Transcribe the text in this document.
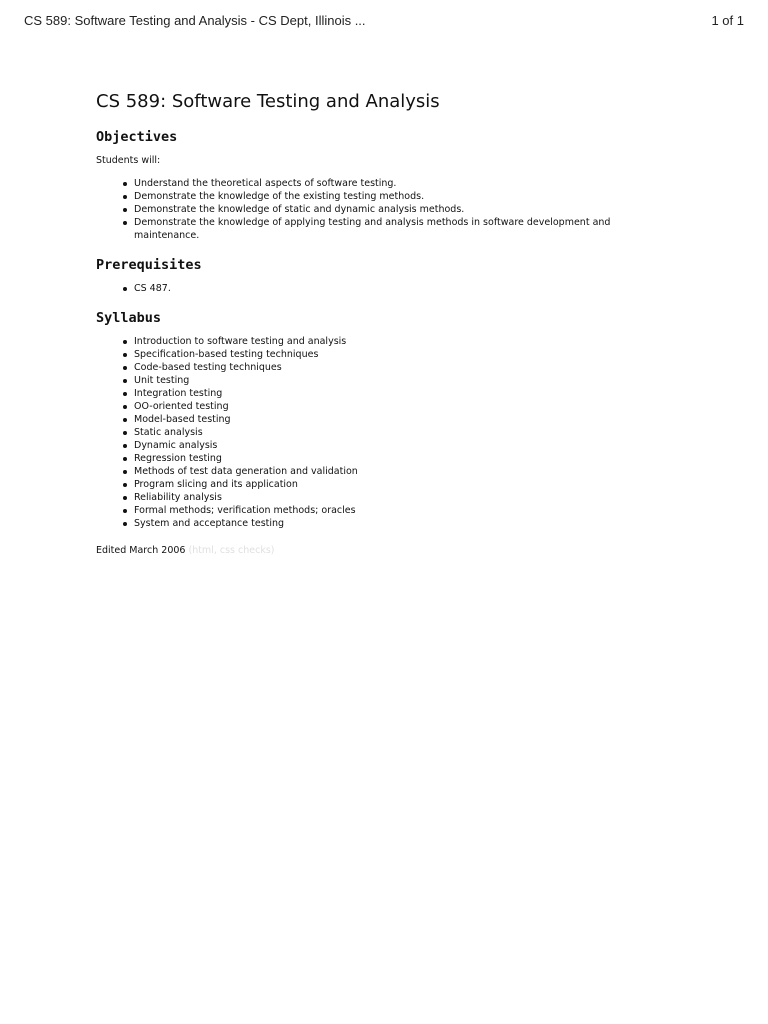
CS 589: Software Testing and Analysis - CS Dept, Illinois ...	1 of 1
CS 589: Software Testing and Analysis
Objectives

Students will:

Understand the theoretical aspects of software testing.
Demonstrate the knowledge of the existing testing methods.
Demonstrate the knowledge of static and dynamic analysis methods.
Demonstrate the knowledge of applying testing and analysis methods in software development and maintenance.
Prerequisites
CS 487.
Syllabus
Introduction to software testing and analysis
Specification-based testing techniques
Code-based testing techniques
Unit testing
Integration testing
OO-oriented testing
Model-based testing
Static analysis
Dynamic analysis
Regression testing
Methods of test data generation and validation
Program slicing and its application
Reliability analysis
Formal methods; verification methods; oracles
System and acceptance testing
Edited March 2006 (html, css checks)
